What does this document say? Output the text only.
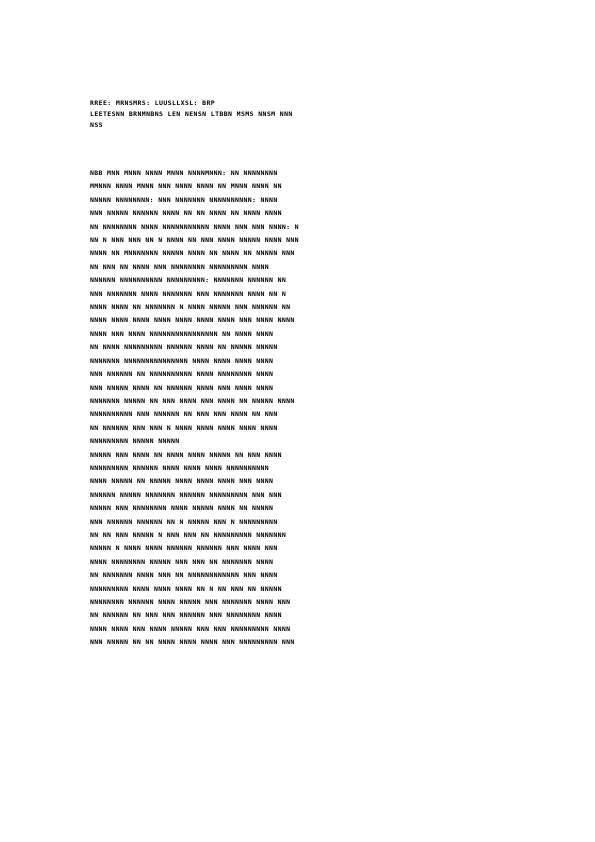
RREE: MRNSMRS: LUUSLLXSL: BRP
LEETESNN BRNMNBNS LEN NENSN LTBBN MSMS NNSM NNN
NSS
NBB MNN MNNN NNNN MNNN NNNNMNNN: NN NNNNNNNN
MMNNN NNNN MNNN NNN NNNN NNNN NN MNNN NNNN NN
NNNNN NNNNNNNN: NNN NNNNNNN NNNNNNNNNN: NNNN
NNN NNNNN NNNNNN NNNN NN NN NNNN NN NNNN NNNN
NN NNNNNNNN NNNN NNNNNNNNNNN NNNN NNN NNN NNNN: N
NN N NNN NNN NN N NNNN NN NNN NNNN NNNNN NNNN NNN
NNNN NN MNNNNNNN NNNNN NNNN NN NNNN NN NNNNN NNN
NN NNN NN NNNN NNN NNNNNNNN NNNNNNNNN NNNN
NNNNNN NNNNNNNNNN NNNNNNNNN: NNNNNNN NNNNNN NN
NNN NNNNNNN NNNN NNNNNNN NNN NNNNNNN NNNN NN N
NNNN NNNN NN NNNNNNN N NNNN NNNNN NNN NNNNNN NN
NNNN NNNN NNNN NNNN NNNN NNNN NNNN NNN NNNN NNNN
NNNN NNN NNNN NNNNNNNNNNNNNNNN NN NNNN NNNN
NN NNNN NNNNNNNNN NNNNNN NNNN NN NNNNN NNNNN
NNNNNNN NNNNNNNNNNNNNNN NNNN NNNN NNNN NNNN
NNN NNNNNN NN NNNNNNNNNN NNNN NNNNNNNN NNNN
NNN NNNNN NNNN NN NNNNNN NNNN NNN NNNN NNNN
NNNNNNN NNNNN NN NNN NNNN NNN NNNN NN NNNNN NNNN
NNNNNNNNNN NNN NNNNNN NN NNN NNN NNNN NN NNN
NN NNNNNN NNN NNN N NNNN NNNN NNNN NNNN NNNN
NNNNNNNNN NNNNN NNNNN
NNNNN NNN NNNN NN NNNN NNNN NNNNN NN NNN NNNN
NNNNNNNNN NNNNNN NNNN NNNN NNNN NNNNNNNNNN
NNNN NNNNN NN NNNNN NNNN NNNN NNNN NNN NNNN
NNNNNN NNNNN NNNNNNN NNNNNN NNNNNNNNN NNN NNN
NNNNN NNN NNNNNNNN NNNN NNNNN NNNN NN NNNNN
NNN NNNNNN NNNNNN NN N NNNNN NNN N NNNNNNNNN
NN NN NNN NNNNN N NNN NNN NN NNNNNNNNN NNNNNNN
NNNNN N NNNN NNNN NNNNNN NNNNNN NNN NNNN NNN
NNNN NNNNNNNN NNNNN NNN NNN NN NNNNNNN NNNN
NN NNNNNNN NNNN NNN NN NNNNNNNNNNNN NNN NNNN
NNNNNNNNN NNNN NNNN NNNN NN N NN NNN NN NNNNN
NNNNNNNN NNNNNN NNNN NNNNN NNN NNNNNNN NNNN NNN
NN NNNNNN NN NNN NNN NNNNNN NNN NNNNNNNN NNNN
NNNN NNNN NNN NNNN NNNNN NNN NNN NNNNNNNNN NNNN
NNN NNNNN NN NN NNNN NNNN NNNN NNN NNNNNNNNN NNN
